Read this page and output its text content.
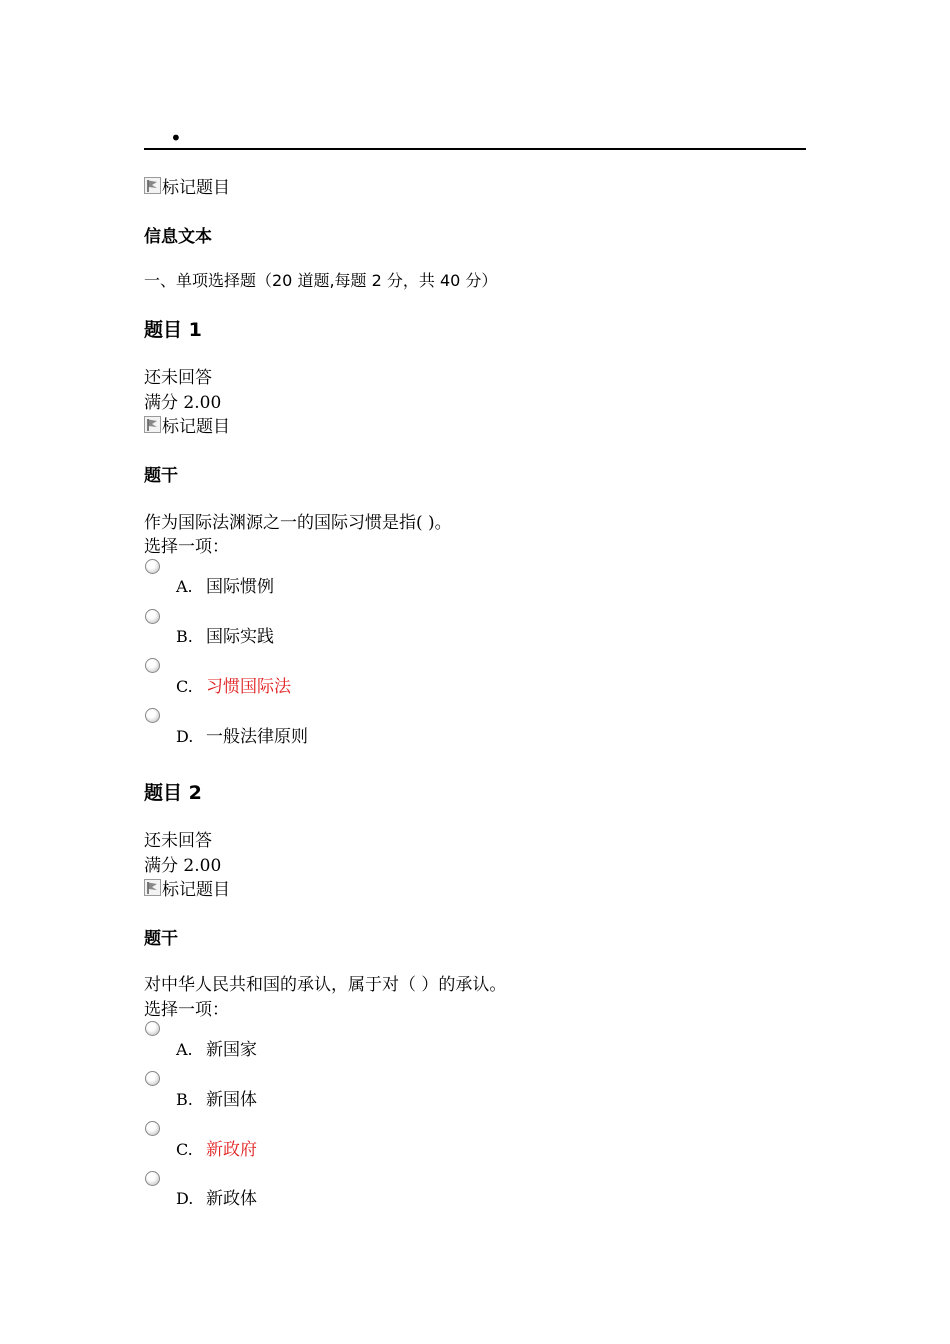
•
标记题目
信息文本
一、单项选择题（20 道题,每题 2 分，共 40 分）
题目 1
还未回答
满分 2.00
标记题目
题干
作为国际法渊源之一的国际习惯是指( )。
选择一项：
A. 国际惯例
B. 国际实践
C. 习惯国际法
D. 一般法律原则
题目 2
还未回答
满分 2.00
标记题目
题干
对中华人民共和国的承认，属于对（ ）的承认。
选择一项：
A. 新国家
B. 新国体
C. 新政府
D. 新政体
